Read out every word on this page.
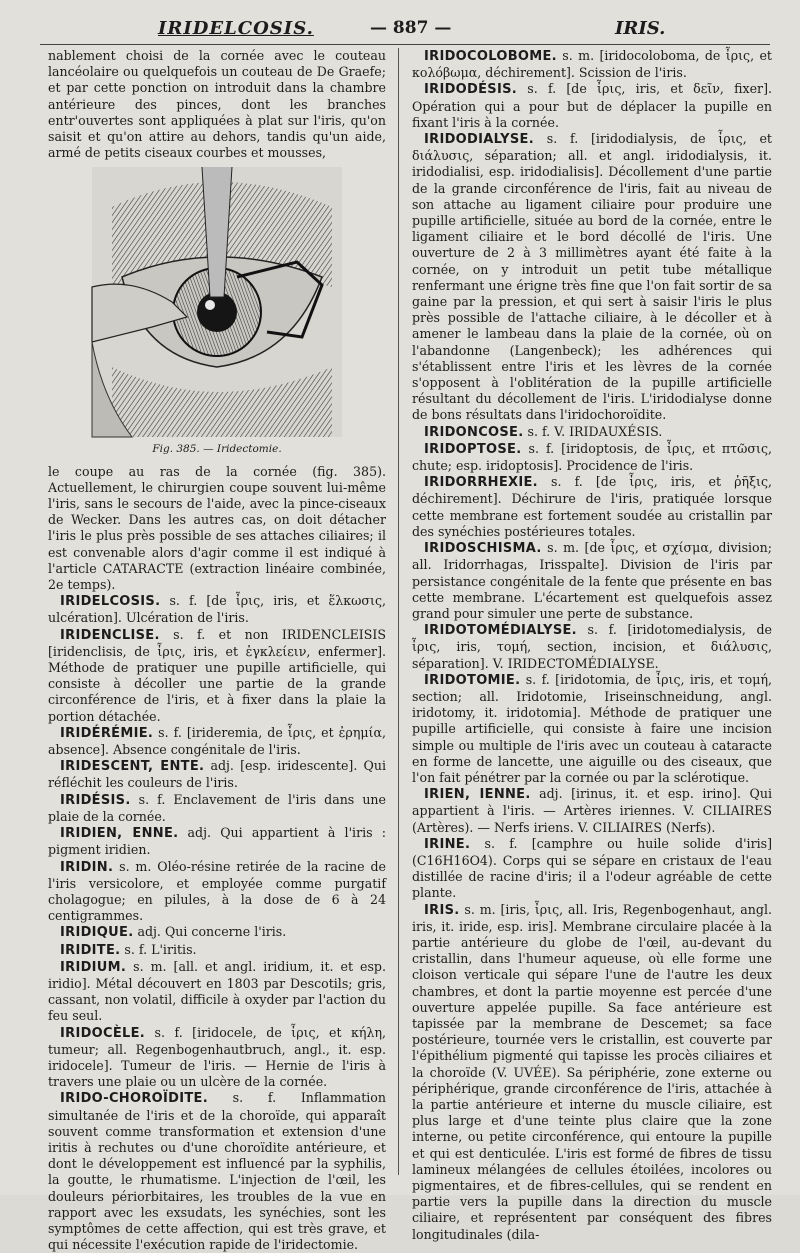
IRIDELCOSIS.	— 887 —	IRIS.

nablement choisi de la cornée avec le couteau lancéolaire ou quelquefois un couteau de De Graefe; et par cette ponction on introduit dans la chambre antérieure des pinces, dont les branches entr'ouvertes sont appliquées à plat sur l'iris, qu'on saisit et qu'on attire au dehors, tandis qu'un aide, armé de petits ciseaux courbes et mousses,

Fig. 385. — Iridectomie.

le coupe au ras de la cornée (fig. 385). Actuellement, le chirurgien coupe souvent lui-même l'iris, sans le secours de l'aide, avec la pince-ciseaux de Wecker. Dans les autres cas, on doit détacher l'iris le plus près possible de ses attaches ciliaires; il est convenable alors d'agir comme il est indiqué à l'article CATARACTE (extraction linéaire combinée, 2e temps).

IRIDELCOSIS. s. f. [de ἶρις, iris, et ἕλκωσις, ulcération]. Ulcération de l'iris.

IRIDENCLISE. s. f. et non IRIDENCLEISIS [iridenclisis, de ἶρις, iris, et ἐγκλείειν, enfermer]. Méthode de pratiquer une pupille artificielle, qui consiste à décoller une partie de la grande circonférence de l'iris, et à fixer dans la plaie la portion détachée.

IRIDÉRÉMIE. s. f. [irideremia, de ἶρις, et ἐρημία, absence]. Absence congénitale de l'iris.

IRIDESCENT, ENTE. adj. [esp. iridescente]. Qui réfléchit les couleurs de l'iris.

IRIDÉSIS. s. f. Enclavement de l'iris dans une plaie de la cornée.

IRIDIEN, ENNE. adj. Qui appartient à l'iris : pigment iridien.

IRIDIN. s. m. Oléo-résine retirée de la racine de l'iris versicolore, et employée comme purgatif cholagogue; en pilules, à la dose de 6 à 24 centigrammes.

IRIDIQUE. adj. Qui concerne l'iris.

IRIDITE. s. f. L'iritis.

IRIDIUM. s. m. [all. et angl. iridium, it. et esp. iridio]. Métal découvert en 1803 par Descotils; gris, cassant, non volatil, difficile à oxyder par l'action du feu seul.

IRIDOCÈLE. s. f. [iridocele, de ἶρις, et κήλη, tumeur; all. Regenbogenhautbruch, angl., it. esp. iridocele]. Tumeur de l'iris. — Hernie de l'iris à travers une plaie ou un ulcère de la cornée.

IRIDO-CHOROÏDITE. s. f. Inflammation simultanée de l'iris et de la choroïde, qui apparaît souvent comme transformation et extension d'une iritis à rechutes ou d'une choroïdite antérieure, et dont le développement est influencé par la syphilis, la goutte, le rhumatisme. L'injection de l'œil, les douleurs périorbitaires, les troubles de la vue en rapport avec les exsudats, les synéchies, sont les symptômes de cette affection, qui est très grave, et qui nécessite l'exécution rapide de l'iridectomie.

IRIDOCOLOBOME. s. m. [iridocoloboma, de ἶρις, et κολόβωμα, déchirement]. Scission de l'iris.

IRIDODÉSIS. s. f. [de ἶρις, iris, et δεῖν, fixer]. Opération qui a pour but de déplacer la pupille en fixant l'iris à la cornée.

IRIDODIALYSE. s. f. [iridodialysis, de ἶρις, et διάλυσις, séparation; all. et angl. iridodialysis, it. iridodialisi, esp. iridodialisis]. Décollement d'une partie de la grande circonférence de l'iris, fait au niveau de son attache au ligament ciliaire pour produire une pupille artificielle, située au bord de la cornée, entre le ligament ciliaire et le bord décollé de l'iris. Une ouverture de 2 à 3 millimètres ayant été faite à la cornée, on y introduit un petit tube métallique renfermant une érigne très fine que l'on fait sortir de sa gaine par la pression, et qui sert à saisir l'iris le plus près possible de l'attache ciliaire, à le décoller et à amener le lambeau dans la plaie de la cornée, où on l'abandonne (Langenbeck); les adhérences qui s'établissent entre l'iris et les lèvres de la cornée s'opposent à l'oblitération de la pupille artificielle résultant du décollement de l'iris. L'iridodialyse donne de bons résultats dans l'iridochoroïdite.

IRIDONCOSE. s. f. V. IRIDAUXÉSIS.

IRIDOPTOSE. s. f. [iridoptosis, de ἶρις, et πτῶσις, chute; esp. iridoptosis]. Procidence de l'iris.

IRIDORRHEXIE. s. f. [de ἶρις, iris, et ῥῆξις, déchirement]. Déchirure de l'iris, pratiquée lorsque cette membrane est fortement soudée au cristallin par des synéchies postérieures totales.

IRIDOSCHISMA. s. m. [de ἶρις, et σχίσμα, division; all. Iridorrhagas, Irisspalte]. Division de l'iris par persistance congénitale de la fente que présente en bas cette membrane. L'écartement est quelquefois assez grand pour simuler une perte de substance.

IRIDOTOMÉDIALYSE. s. f. [iridotomedialysis, de ἶρις, iris, τομή, section, incision, et διάλυσις, séparation]. V. IRIDECTOMÉDIALYSE.

IRIDOTOMIE. s. f. [iridotomia, de ἶρις, iris, et τομή, section; all. Iridotomie, Iriseinschneidung, angl. iridotomy, it. iridotomia]. Méthode de pratiquer une pupille artificielle, qui consiste à faire une incision simple ou multiple de l'iris avec un couteau à cataracte en forme de lancette, une aiguille ou des ciseaux, que l'on fait pénétrer par la cornée ou par la sclérotique.

IRIEN, IENNE. adj. [irinus, it. et esp. irino]. Qui appartient à l'iris. — Artères iriennes. V. CILIAIRES (Artères). — Nerfs iriens. V. CILIAIRES (Nerfs).

IRINE. s. f. [camphre ou huile solide d'iris] (C16H16O4). Corps qui se sépare en cristaux de l'eau distillée de racine d'iris; il a l'odeur agréable de cette plante.

IRIS. s. m. [iris, ἶρις, all. Iris, Regenbogenhaut, angl. iris, it. iride, esp. iris]. Membrane circulaire placée à la partie antérieure du globe de l'œil, au-devant du cristallin, dans l'humeur aqueuse, où elle forme une cloison verticale qui sépare l'une de l'autre les deux chambres, et dont la partie moyenne est percée d'une ouverture appelée pupille. Sa face antérieure est tapissée par la membrane de Descemet; sa face postérieure, tournée vers le cristallin, est couverte par l'épithélium pigmenté qui tapisse les procès ciliaires et la choroïde (V. UVÉE). Sa périphérie, zone externe ou périphérique, grande circonférence de l'iris, attachée à la partie antérieure et interne du muscle ciliaire, est plus large et d'une teinte plus claire que la zone interne, ou petite circonférence, qui entoure la pupille et qui est denticulée. L'iris est formé de fibres de tissu lamineux mélangées de cellules étoilées, incolores ou pigmentaires, et de fibres-cellules, qui se rendent en partie vers la pupille dans la direction du muscle ciliaire, et représentent par conséquent des fibres longitudinales (dila-
